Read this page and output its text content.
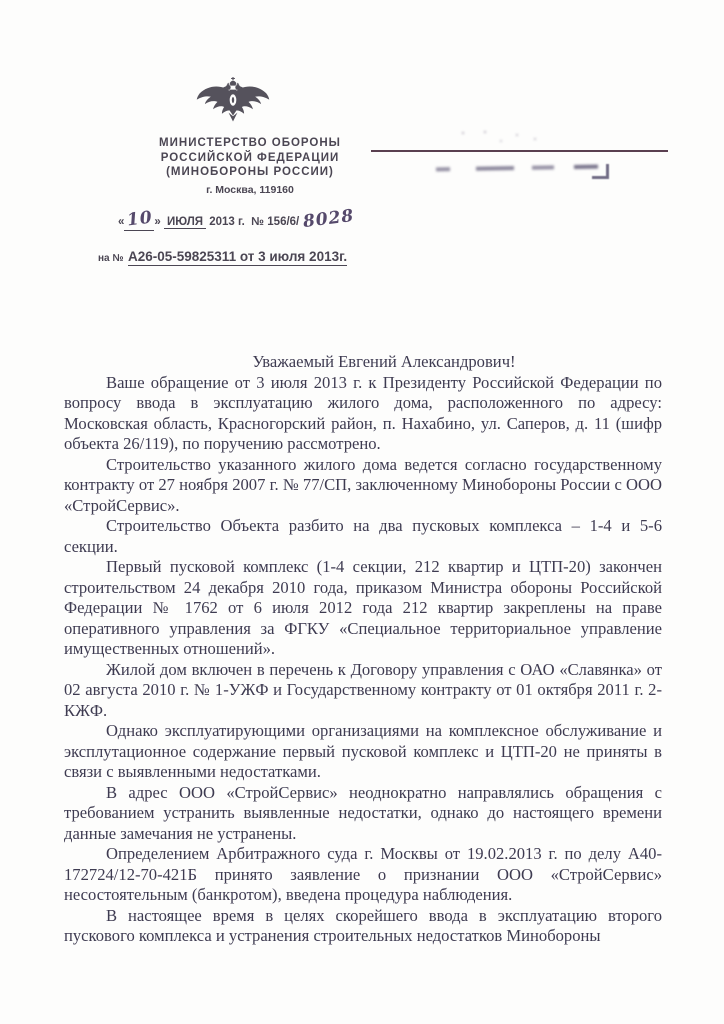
МИНИСТЕРСТВО ОБОРОНЫ
РОССИЙСКОЙ ФЕДЕРАЦИИ
(МИНОБОРОНЫ РОССИИ)
г. Москва, 119160
«10» ИЮЛЯ 2013 г. № 156/6/ 8028
на № А26-05-59825311 от 3 июля 2013г.

Уважаемый Евгений Александрович!

Ваше обращение от 3 июля 2013 г. к Президенту Российской Федерации по вопросу ввода в эксплуатацию жилого дома, расположенного по адресу: Московская область, Красногорский район, п. Нахабино, ул. Саперов, д. 11 (шифр объекта 26/119), по поручению рассмотрено.

Строительство указанного жилого дома ведется согласно государственному контракту от 27 ноября 2007 г. № 77/СП, заключенному Минобороны России с ООО «СтройСервис».

Строительство Объекта разбито на два пусковых комплекса – 1-4 и 5-6 секции.

Первый пусковой комплекс (1-4 секции, 212 квартир и ЦТП-20) закончен строительством 24 декабря 2010 года, приказом Министра обороны Российской Федерации № 1762 от 6 июля 2012 года 212 квартир закреплены на праве оперативного управления за ФГКУ «Специальное территориальное управление имущественных отношений».

Жилой дом включен в перечень к Договору управления с ОАО «Славянка» от 02 августа 2010 г. № 1-УЖФ и Государственному контракту от 01 октября 2011 г. 2-КЖФ.

Однако эксплуатирующими организациями на комплексное обслуживание и эксплутационное содержание первый пусковой комплекс и ЦТП-20 не приняты в связи с выявленными недостатками.

В адрес ООО «СтройСервис» неоднократно направлялись обращения с требованием устранить выявленные недостатки, однако до настоящего времени данные замечания не устранены.

Определением Арбитражного суда г. Москвы от 19.02.2013 г. по делу А40-172724/12-70-421Б принято заявление о признании ООО «СтройСервис» несостоятельным (банкротом), введена процедура наблюдения.

В настоящее время в целях скорейшего ввода в эксплуатацию второго пускового комплекса и устранения строительных недостатков Минобороны
